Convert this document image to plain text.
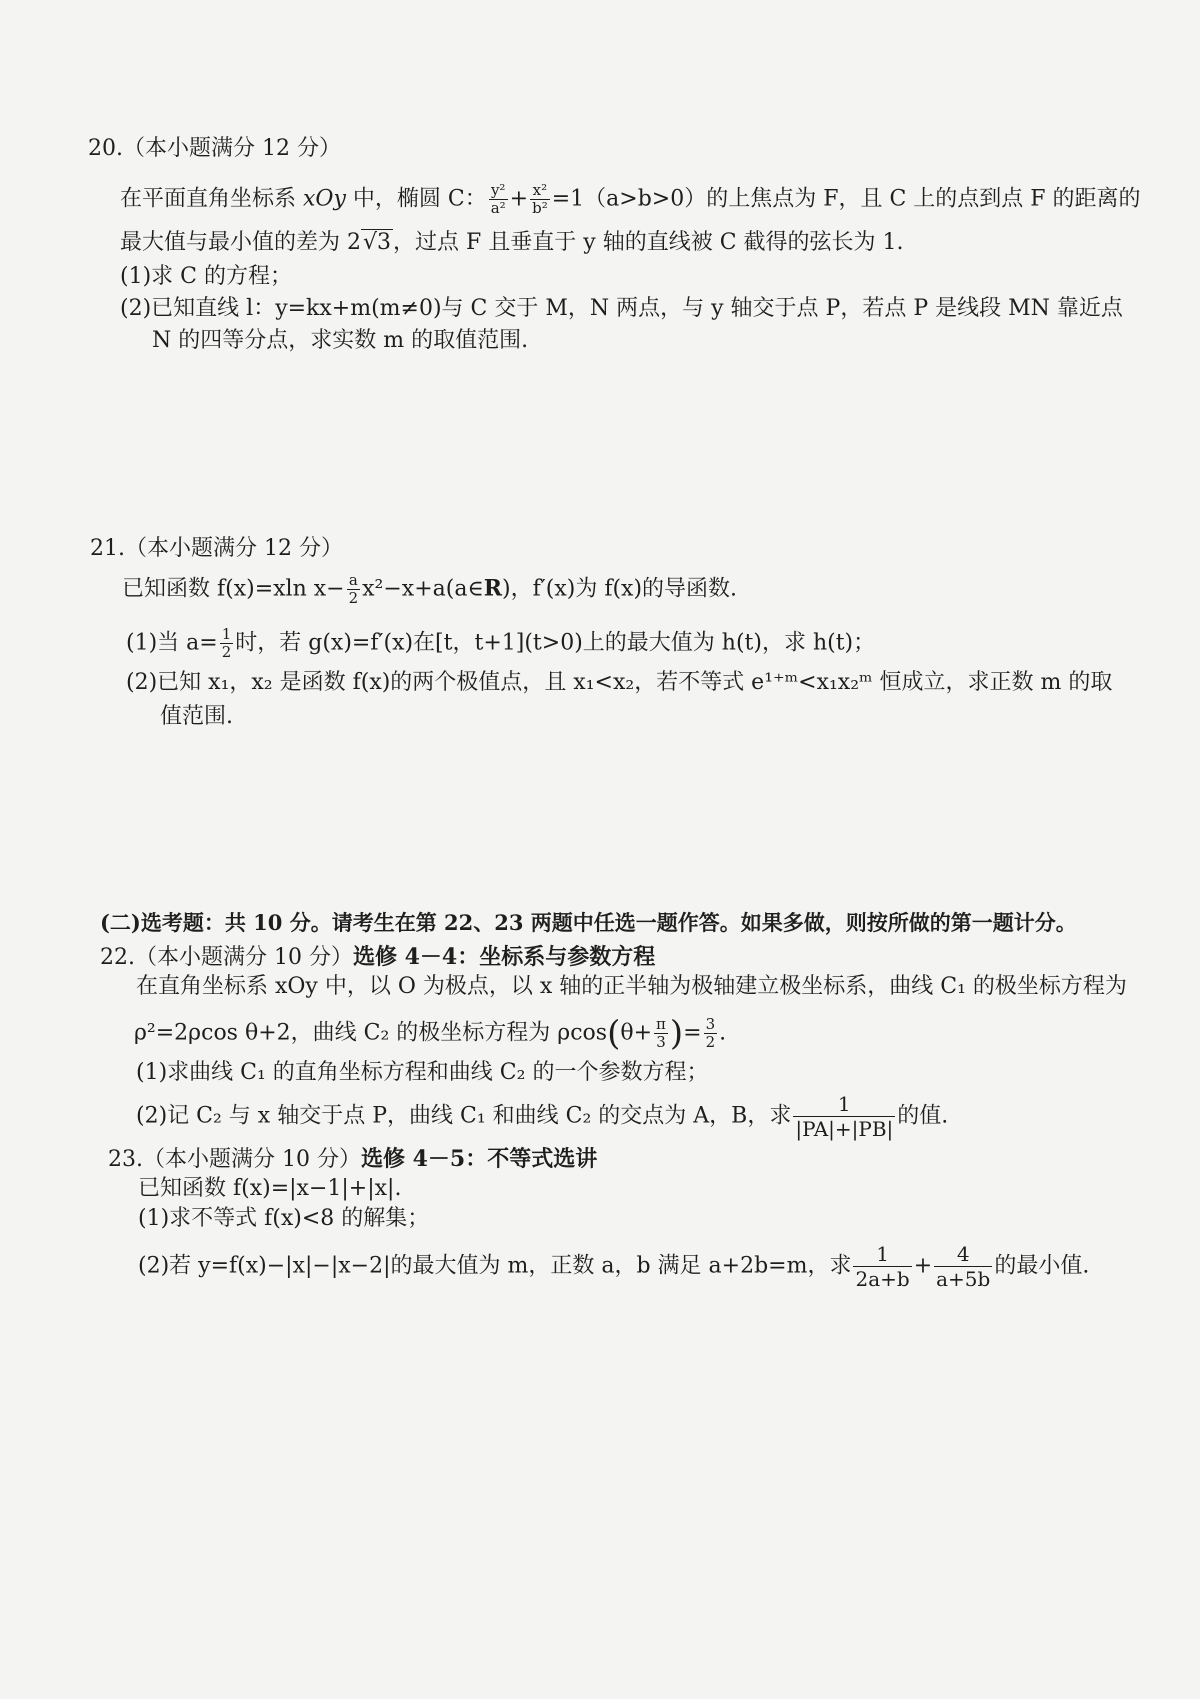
20.（本小题满分 12 分）
在平面直角坐标系 xOy 中，椭圆 C： $\frac{\text{y²}}{\text{a²}} + \frac{\text{x²}}{\text{b²}} =1(a>b>0)$的上焦点为 F，且 C 上的点到点 F 的距离的
最大值与最小值的差为 2√3，过点 F 且垂直于 y 轴的直线被 C 截得的弦长为 1.
(1)求 C 的方程；
(2)已知直线 l：y=kx+m(m≠0)与 C 交于 M，N 两点，与 y 轴交于点 P，若点 P 是线段 MN 靠近点
N 的四等分点，求实数 m 的取值范围.
21.（本小题满分 12 分）
已知函数 f(x)=xln $x- \frac{a}{2}$ x²−x+a(a∈R)，f′(x)为 f(x)的导函数.
(1)当 $a= \frac{1}{2}$ 时，若 g(x)=f′(x)在[t，t+1](t>0)上的最大值为 h(t)，求 h(t)；
(2)已知 x₁，x₂ 是函数 f(x)的两个极值点，且 x₁<x₂，若不等式 e¹⁺ᵐ<x₁x₂ᵐ 恒成立，求正数 m 的取
值范围.
(二)选考题：共 10 分。请考生在第 22、23 两题中任选一题作答。如果多做，则按所做的第一题计分。
22.（本小题满分 10 分）选修 4－4：坐标系与参数方程
在直角坐标系 xOy 中，以 O 为极点，以 x 轴的正半轴为极轴建立极坐标系，曲线 C₁ 的极坐标方程为
ρ²=2ρcos θ+2，曲线 C₂ 的极坐标方程为 $\rho\cos(\theta+ \frac{\pi}{3}$ )= $\frac{3}{2}$ .
(1)求曲线 C₁ 的直角坐标方程和曲线 C₂ 的一个参数方程；
(2)记 C₂ 与 x 轴交于点 P，曲线 C₁ 和曲线 C₂ 的交点为 A，B，求 $\frac{1}{|PA|+|PB|}$ 的值.
23.（本小题满分 10 分）选修 4－5：不等式选讲
已知函数 f(x)=|x−1|+|x|.
(1)求不等式 f(x)<8 的解集；
(2)若 y=f(x)−|x|−|x−2|的最大值为 m，正数 a，b 满足 a+2b=m，求 $\frac{1}{2a+b} + \frac{4}{a+5b}$ 的最小值.
